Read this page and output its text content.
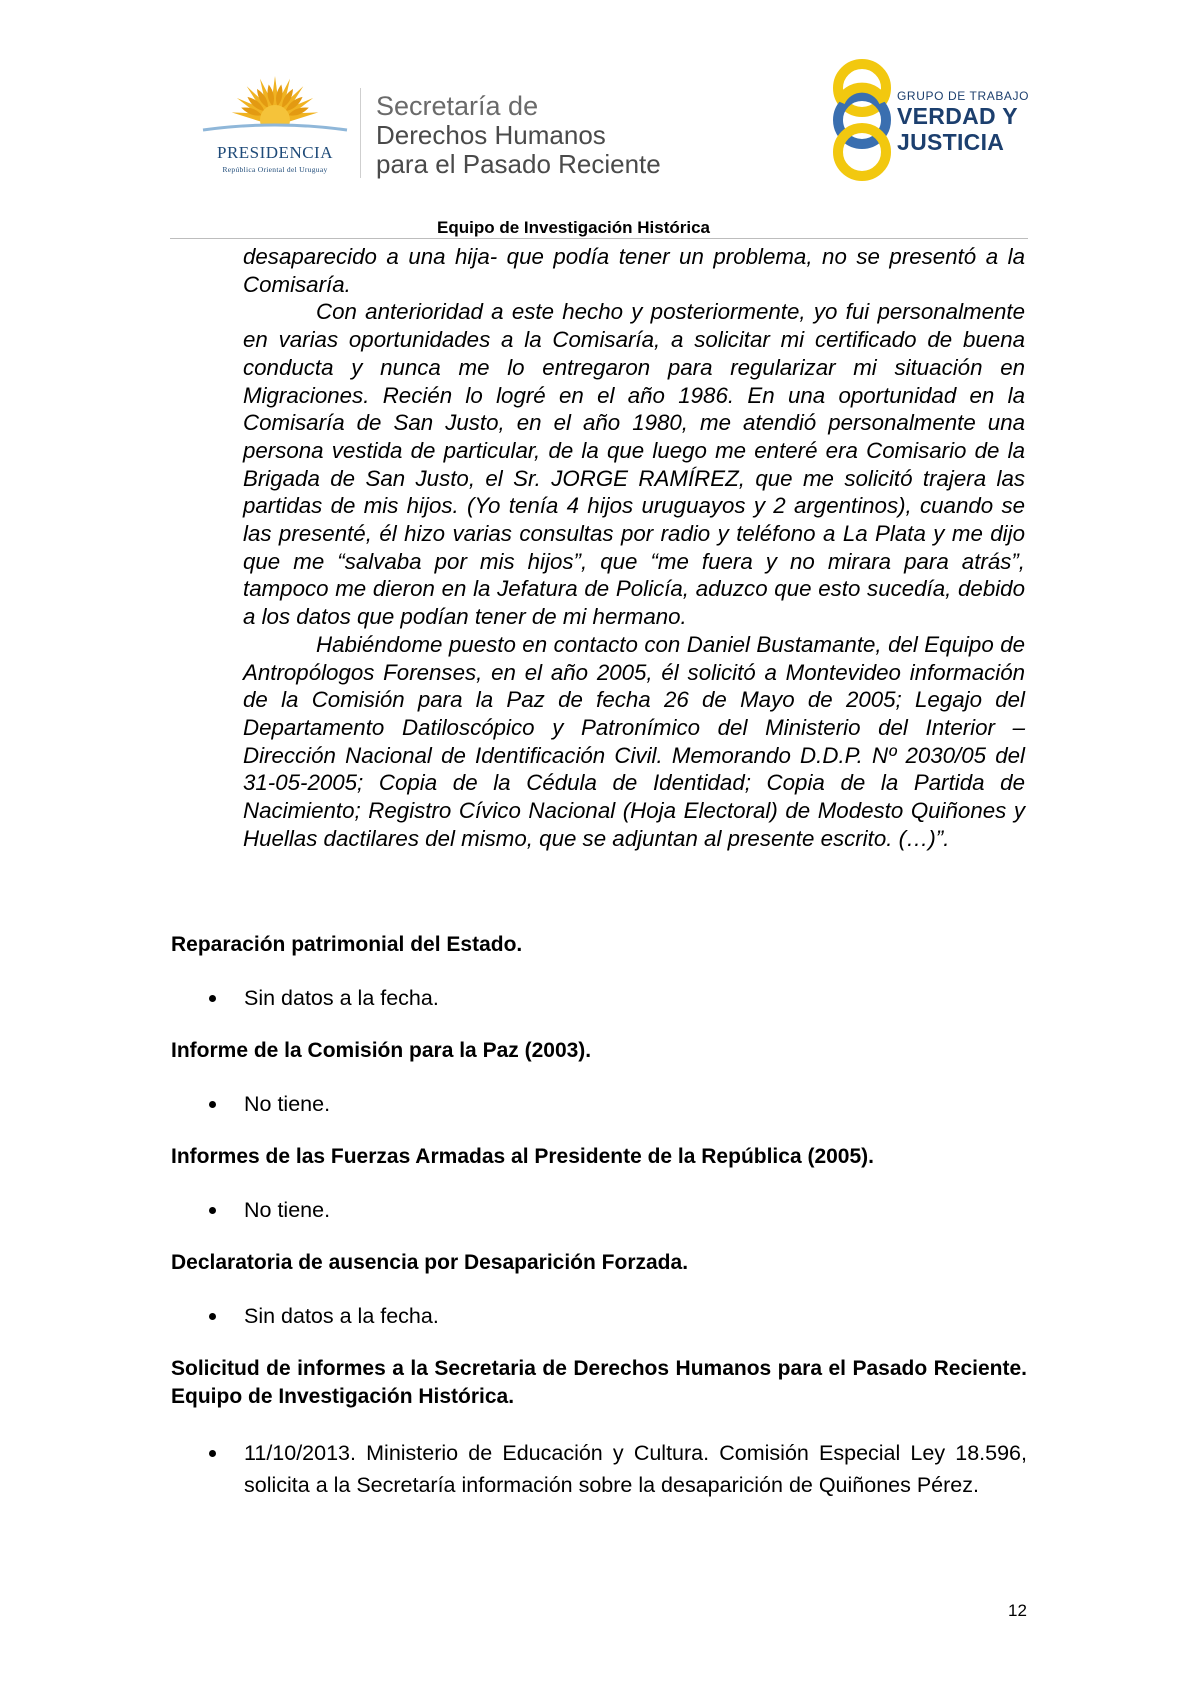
PRESIDENCIA
República Oriental del Uruguay
Secretaría de
Derechos Humanos
para el Pasado Reciente
GRUPO DE TRABAJO
VERDAD Y
JUSTICIA
Equipo de Investigación Histórica

desaparecido a una hija- que podía tener un problema, no se presentó a la Comisaría.

Con anterioridad a este hecho y posteriormente, yo fui personalmente en varias oportunidades a la Comisaría, a solicitar mi certificado de buena conducta y nunca me lo entregaron para regularizar mi situación en Migraciones. Recién lo logré en el año 1986. En una oportunidad en la Comisaría de San Justo, en el año 1980, me atendió personalmente una persona vestida de particular, de la que luego me enteré era Comisario de la Brigada de San Justo, el Sr. JORGE RAMÍREZ, que me solicitó trajera las partidas de mis hijos. (Yo tenía 4 hijos uruguayos y 2 argentinos), cuando se las presenté, él hizo varias consultas por radio y teléfono a La Plata y me dijo que me “salvaba por mis hijos”, que “me fuera y no mirara para atrás”, tampoco me dieron en la Jefatura de Policía, aduzco que esto sucedía, debido a los datos que podían tener de mi hermano.

Habiéndome puesto en contacto con Daniel Bustamante, del Equipo de Antropólogos Forenses, en el año 2005, él solicitó a Montevideo información de la Comisión para la Paz de fecha 26 de Mayo de 2005; Legajo del Departamento Datiloscópico y Patronímico del Ministerio del Interior –Dirección Nacional de Identificación Civil. Memorando D.D.P. Nº 2030/05 del 31-05-2005; Copia de la Cédula de Identidad; Copia de la Partida de Nacimiento; Registro Cívico Nacional (Hoja Electoral) de Modesto Quiñones y Huellas dactilares del mismo, que se adjuntan al presente escrito. (…)”.

Reparación patrimonial del Estado.
Sin datos a la fecha.
Informe de la Comisión para la Paz (2003).
No tiene.
Informes de las Fuerzas Armadas al Presidente de la República (2005).
No tiene.
Declaratoria de ausencia por Desaparición Forzada.
Sin datos a la fecha.
Solicitud de informes a la Secretaria de Derechos Humanos para el Pasado Reciente. Equipo de Investigación Histórica.
11/10/2013. Ministerio de Educación y Cultura. Comisión Especial Ley 18.596, solicita a la Secretaría información sobre la desaparición de Quiñones Pérez.
12
